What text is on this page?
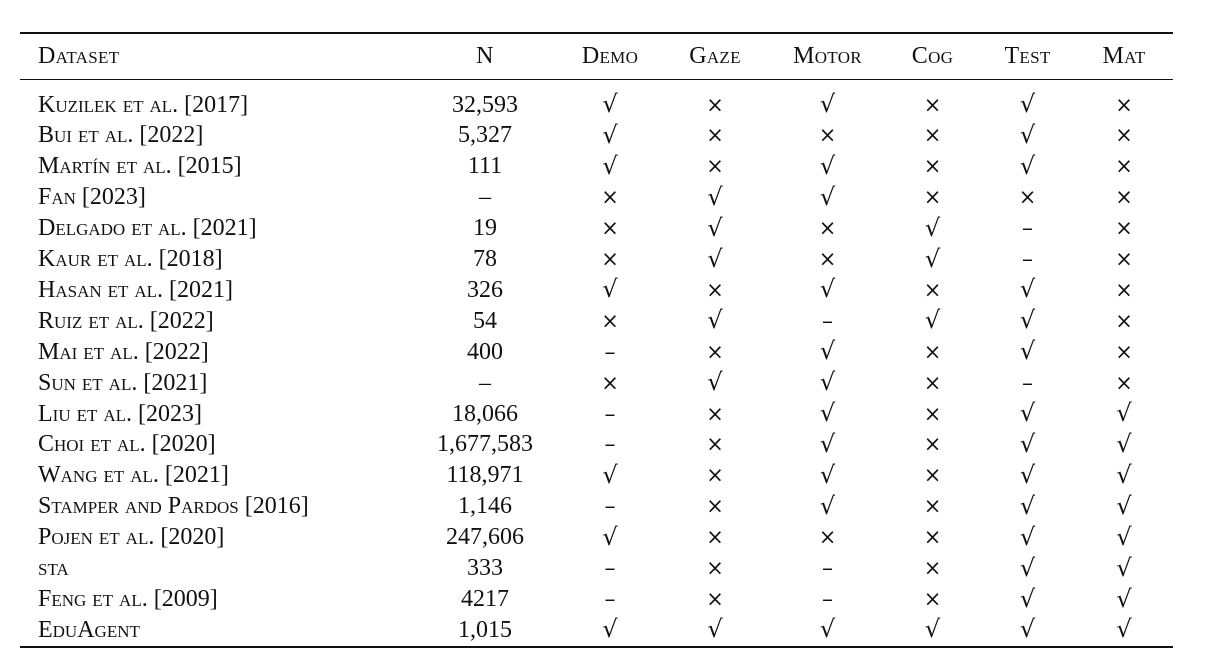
Dataset	N	Demo	Gaze	Motor	Cog	Test	Mat
Kuzilek et al. [2017]	32,593	√	×	√	×	√	×
Bui et al. [2022]	5,327	√	×	×	×	√	×
Martín et al. [2015]	111	√	×	√	×	√	×
Fan [2023]	–	×	√	√	×	×	×
Delgado et al. [2021]	19	×	√	×	√	–	×
Kaur et al. [2018]	78	×	√	×	√	–	×
Hasan et al. [2021]	326	√	×	√	×	√	×
Ruiz et al. [2022]	54	×	√	–	√	√	×
Mai et al. [2022]	400	–	×	√	×	√	×
Sun et al. [2021]	–	×	√	√	×	–	×
Liu et al. [2023]	18,066	–	×	√	×	√	√
Choi et al. [2020]	1,677,583	–	×	√	×	√	√
Wang et al. [2021]	118,971	√	×	√	×	√	√
Stamper and Pardos [2016]	1,146	–	×	√	×	√	√
Pojen et al. [2020]	247,606	√	×	×	×	√	√
sta	333	–	×	–	×	√	√
Feng et al. [2009]	4217	–	×	–	×	√	√
EduAgent	1,015	√	√	√	√	√	√
